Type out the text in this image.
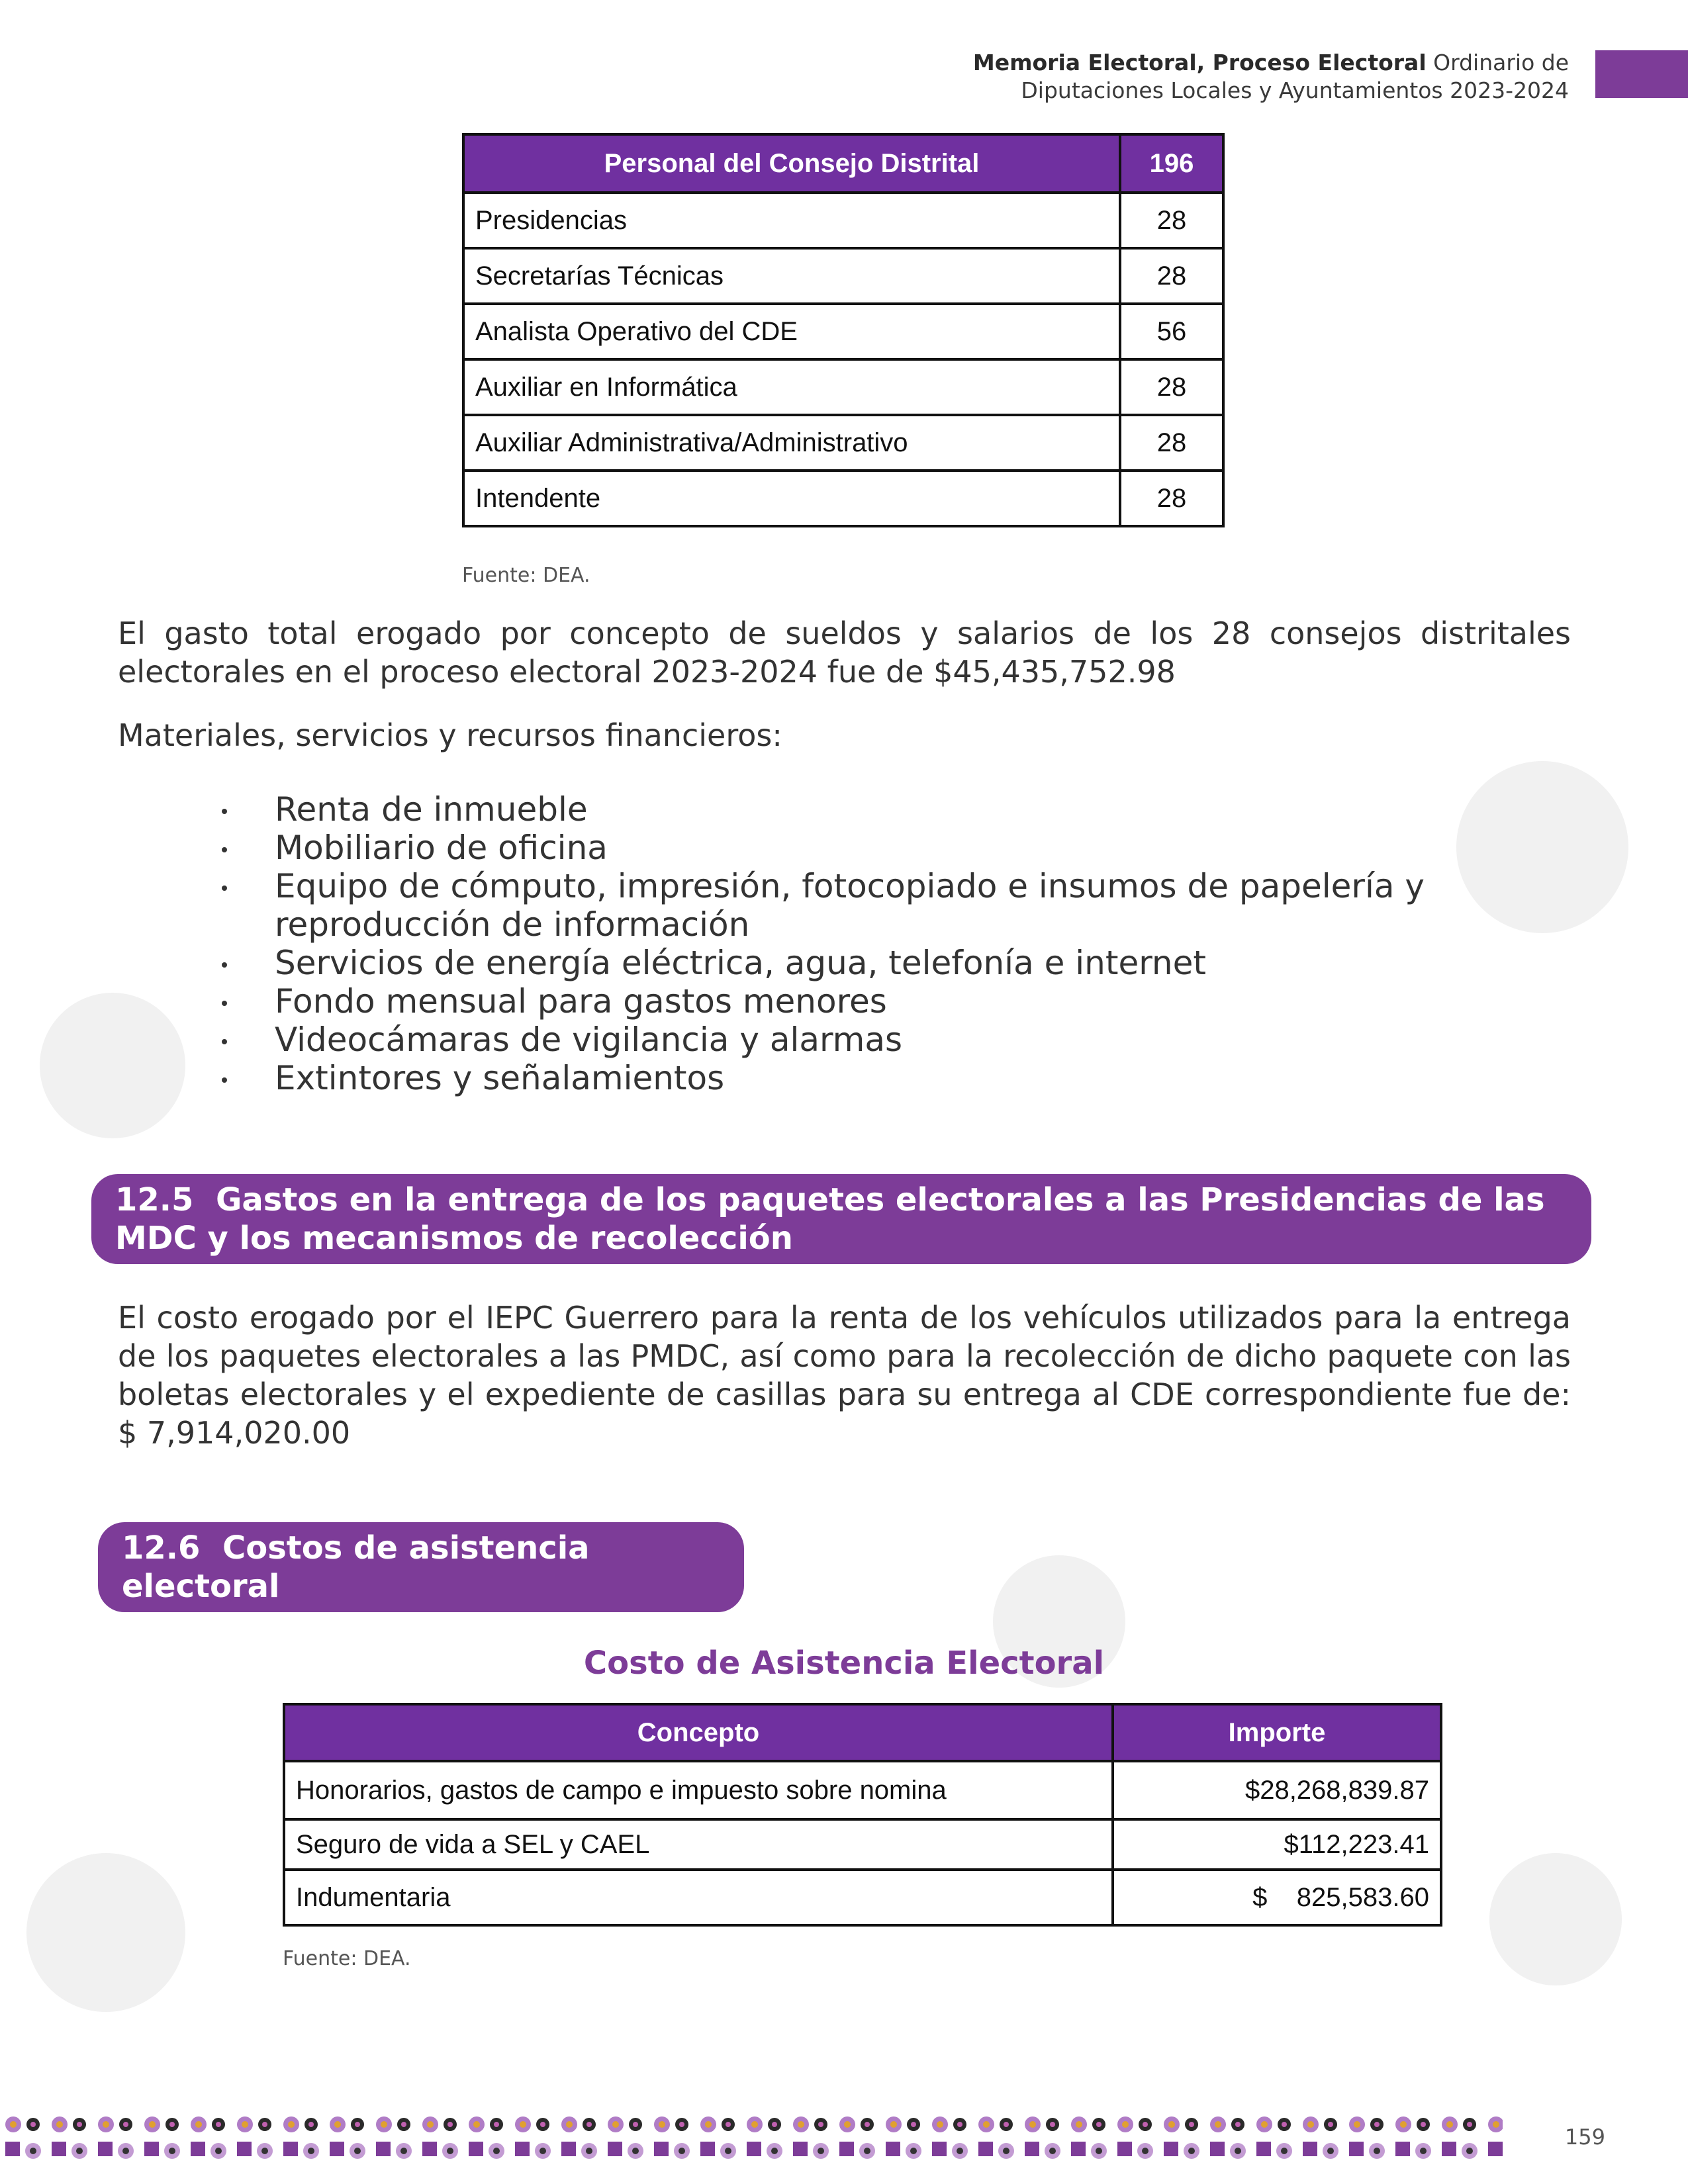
Memoria Electoral, Proceso Electoral Ordinario de
Diputaciones Locales y Ayuntamientos 2023-2024
Personal del Consejo Distrital	196
Presidencias	28
Secretarías Técnicas	28
Analista Operativo del CDE	56
Auxiliar en Informática	28
Auxiliar Administrativa/Administrativo	28
Intendente	28
Fuente: DEA.

El gasto total erogado por concepto de sueldos y salarios de los 28 consejos distritales electorales en el proceso electoral 2023-2024 fue de $45,435,752.98

Materiales, servicios y recursos financieros:

Renta de inmueble
Mobiliario de oficina
Equipo de cómputo, impresión, fotocopiado e insumos de papelería y reproducción de información
Servicios de energía eléctrica, agua, telefonía e internet
Fondo mensual para gastos menores
Videocámaras de vigilancia y alarmas
Extintores y señalamientos
12.5 Gastos en la entrega de los paquetes electorales a las Presidencias de las MDC y los mecanismos de recolección

El costo erogado por el IEPC Guerrero para la renta de los vehículos utilizados para la entrega de los paquetes electorales a las PMDC, así como para la recolección de dicho paquete con las boletas electorales y el expediente de casillas para su entrega al CDE correspondiente fue de: $ 7,914,020.00

12.6 Costos de asistencia electoral
Costo de Asistencia Electoral
Concepto	Importe
Honorarios, gastos de campo e impuesto sobre nomina	$28,268,839.87
Seguro de vida a SEL y CAEL	$112,223.41
Indumentaria	$    825,583.60
Fuente: DEA.
159
